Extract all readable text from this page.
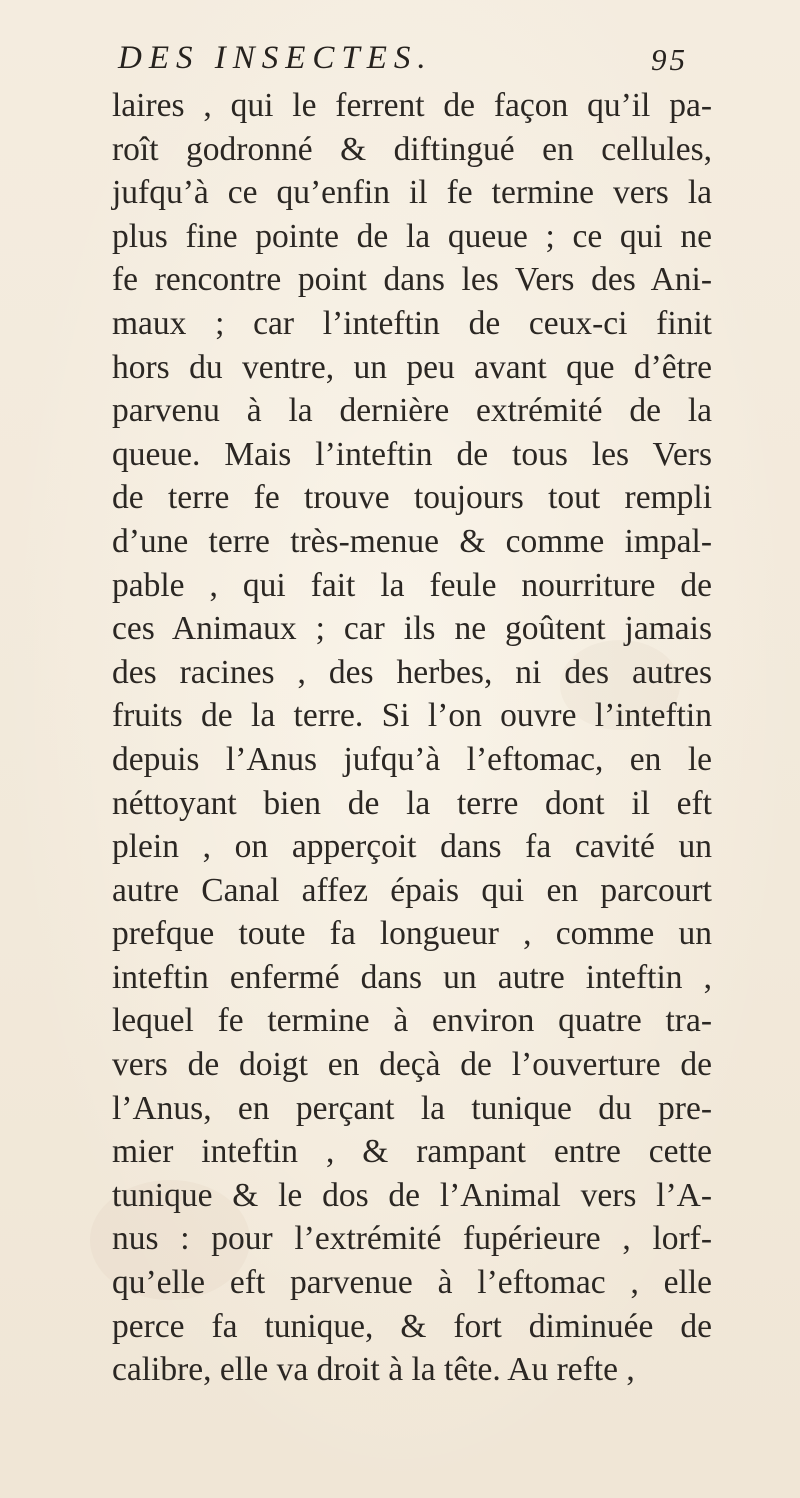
DES INSECTES.	95
laires , qui le ferrent de façon qu’il pa-
roît godronné & diftingué en cellules,
jufqu’à ce qu’enfin il fe termine vers la
plus fine pointe de la queue ; ce qui ne
fe rencontre point dans les Vers des Ani-
maux ; car l’inteftin de ceux-ci finit
hors du ventre, un peu avant que d’être
parvenu à la dernière extrémité de la
queue. Mais l’inteftin de tous les Vers
de terre fe trouve toujours tout rempli
d’une terre très-menue & comme impal-
pable , qui fait la feule nourriture de
ces Animaux ; car ils ne goûtent jamais
des racines , des herbes, ni des autres
fruits de la terre. Si l’on ouvre l’inteftin
depuis l’Anus jufqu’à l’eftomac, en le
néttoyant bien de la terre dont il eft
plein , on apperçoit dans fa cavité un
autre Canal affez épais qui en parcourt
prefque toute fa longueur , comme un
inteftin enfermé dans un autre inteftin ,
lequel fe termine à environ quatre tra-
vers de doigt en deçà de l’ouverture de
l’Anus, en perçant la tunique du pre-
mier inteftin , & rampant entre cette
tunique & le dos de l’Animal vers l’A-
nus : pour l’extrémité fupérieure , lorf-
qu’elle eft parvenue à l’eftomac , elle
perce fa tunique, & fort diminuée de
calibre, elle va droit à la tête. Au refte ,
